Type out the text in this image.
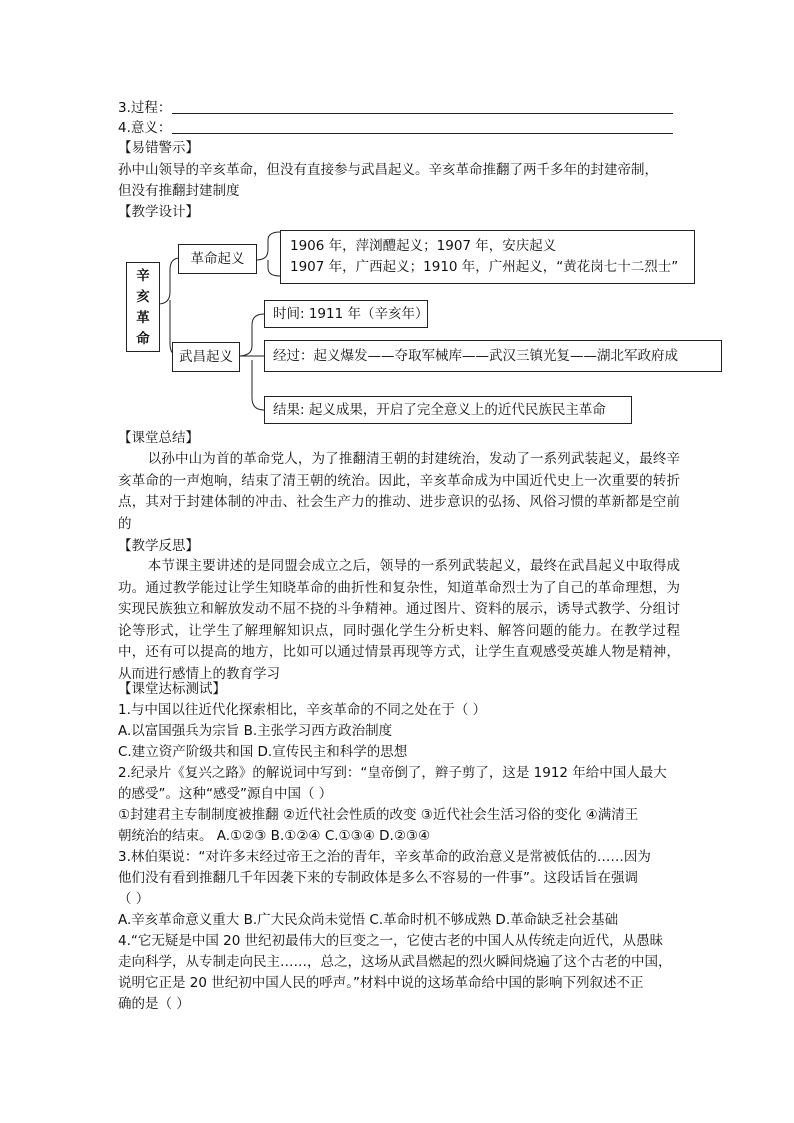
3.过程：
4.意义：
【易错警示】
孙中山领导的辛亥革命，但没有直接参与武昌起义。辛亥革命推翻了两千多年的封建帝制，
但没有推翻封建制度
【教学设计】
辛
亥
革
命
革命起义
1906 年，萍浏醴起义；1907 年，安庆起义
1907 年，广西起义；1910 年，广州起义，“黄花岗七十二烈士”
武昌起义
时间: 1911 年（辛亥年）
经过：起义爆发——夺取军械库——武汉三镇光复——湖北军政府成
结果: 起义成果，开启了完全意义上的近代民族民主革命
【课堂总结】
以孙中山为首的革命党人，为了推翻清王朝的封建统治，发动了一系列武装起义，最终辛亥革命的一声炮响，结束了清王朝的统治。因此，辛亥革命成为中国近代史上一次重要的转折点，其对于封建体制的冲击、社会生产力的推动、进步意识的弘扬、风俗习惯的革新都是空前的
【教学反思】
本节课主要讲述的是同盟会成立之后，领导的一系列武装起义，最终在武昌起义中取得成功。通过教学能过让学生知晓革命的曲折性和复杂性，知道革命烈士为了自己的革命理想，为实现民族独立和解放发动不屈不挠的斗争精神。通过图片、资料的展示，诱导式教学、分组讨论等形式，让学生了解理解知识点，同时强化学生分析史料、解答问题的能力。在教学过程中，还有可以提高的地方，比如可以通过情景再现等方式，让学生直观感受英雄人物是精神，从而进行感情上的教育学习
【课堂达标测试】
1.与中国以往近代化探索相比，辛亥革命的不同之处在于（ ）
A.以富国强兵为宗旨 B.主张学习西方政治制度
C.建立资产阶级共和国 D.宣传民主和科学的思想
2.纪录片《复兴之路》的解说词中写到：“皇帝倒了，辫子剪了，这是 1912 年给中国人最大
的感受”。这种“感受”源自中国（ ）
①封建君主专制制度被推翻 ②近代社会性质的改变 ③近代社会生活习俗的变化 ④满清王
朝统治的结束。 A.①②③ B.①②④ C.①③④ D.②③④
3.林伯渠说：“对许多末经过帝王之治的青年，辛亥革命的政治意义是常被低估的……因为
他们没有看到推翻几千年因袭下来的专制政体是多么不容易的一件事”。这段话旨在强调
（ ）
A.辛亥革命意义重大 B.广大民众尚未觉悟 C.革命时机不够成熟 D.革命缺乏社会基础
4.“它无疑是中国 20 世纪初最伟大的巨变之一，它使古老的中国人从传统走向近代，从愚昧
走向科学，从专制走向民主……，总之，这场从武昌燃起的烈火瞬间烧遍了这个古老的中国，
说明它正是 20 世纪初中国人民的呼声。”材料中说的这场革命给中国的影响下列叙述不正
确的是（ ）
